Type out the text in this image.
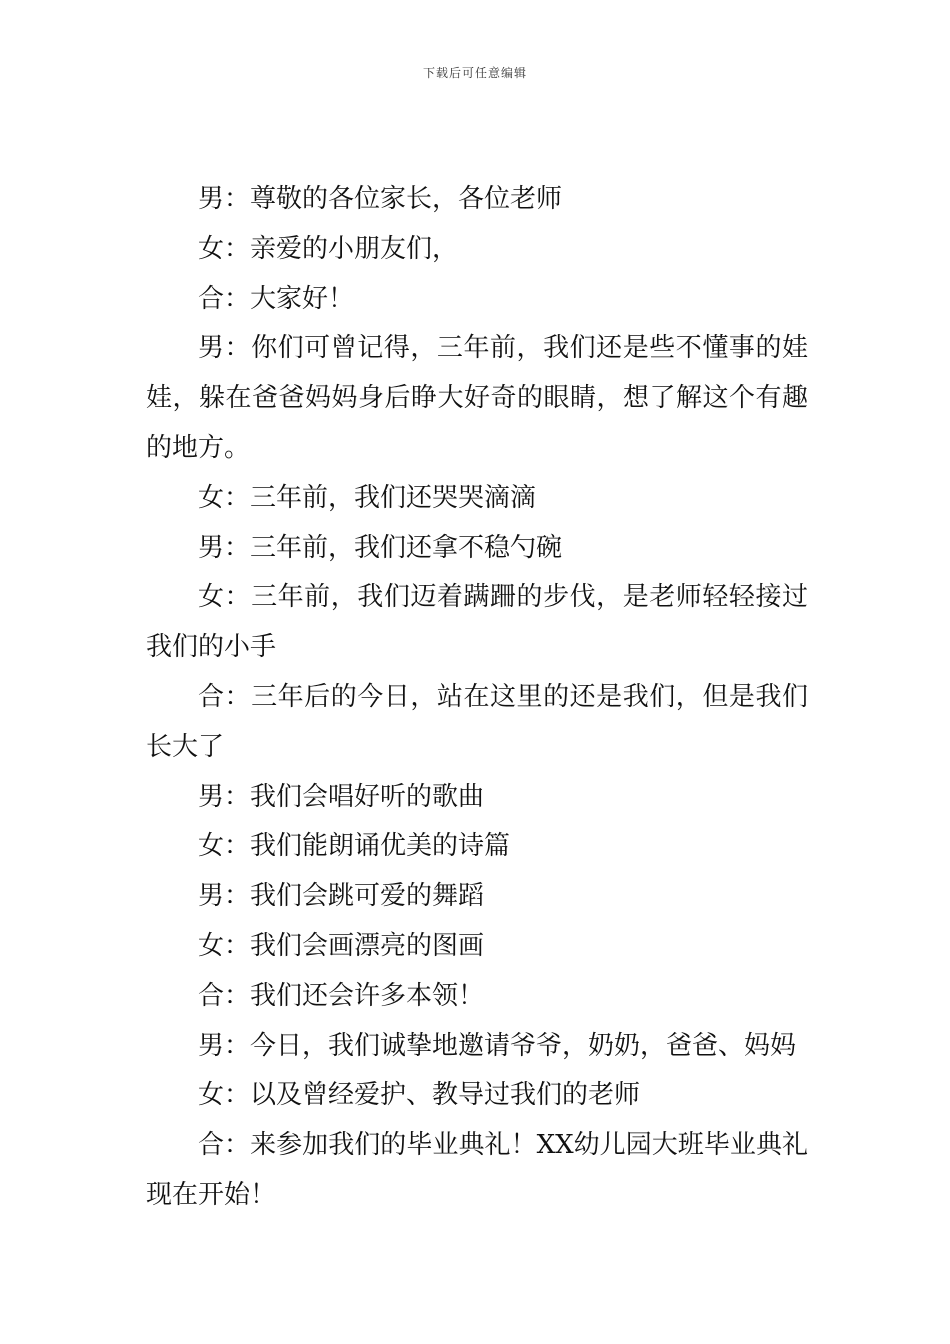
下载后可任意编辑

男：尊敬的各位家长，各位老师

女：亲爱的小朋友们，

合：大家好！

男：你们可曾记得，三年前，我们还是些不懂事的娃娃，躲在爸爸妈妈身后睁大好奇的眼睛，想了解这个有趣的地方。

女：三年前，我们还哭哭滴滴

男：三年前，我们还拿不稳勺碗

女：三年前，我们迈着蹒跚的步伐，是老师轻轻接过我们的小手

合：三年后的今日，站在这里的还是我们，但是我们长大了

男：我们会唱好听的歌曲

女：我们能朗诵优美的诗篇

男：我们会跳可爱的舞蹈

女：我们会画漂亮的图画

合：我们还会许多本领！

男：今日，我们诚挚地邀请爷爷，奶奶，爸爸、妈妈

女：以及曾经爱护、教导过我们的老师

合：来参加我们的毕业典礼！XX幼儿园大班毕业典礼现在开始！
